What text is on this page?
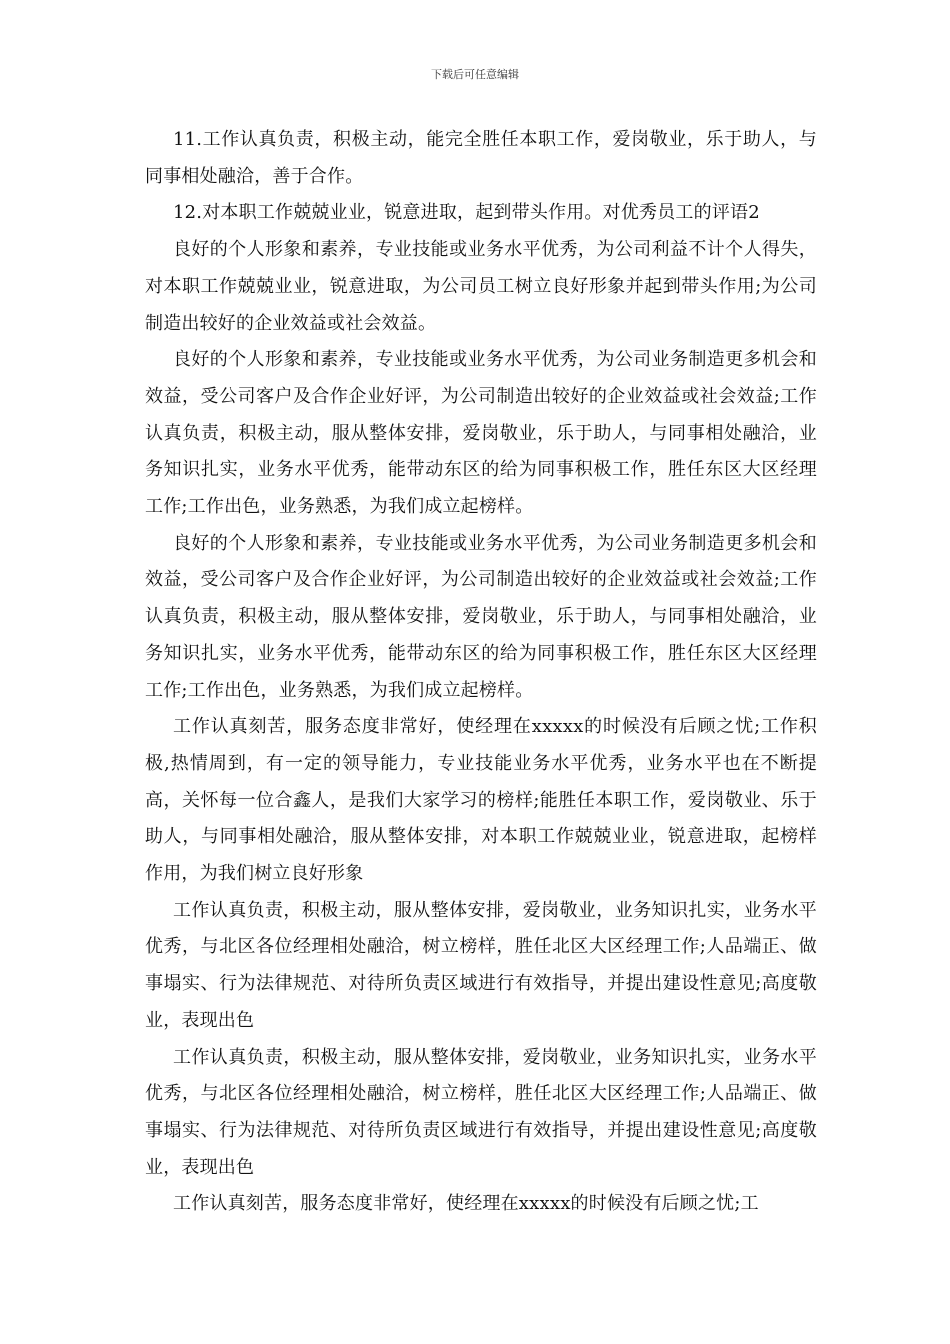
下载后可任意编辑

11.工作认真负责，积极主动，能完全胜任本职工作，爱岗敬业，乐于助人，与同事相处融洽，善于合作。

12.对本职工作兢兢业业，锐意进取，起到带头作用。对优秀员工的评语2

良好的个人形象和素养，专业技能或业务水平优秀，为公司利益不计个人得失，对本职工作兢兢业业，锐意进取，为公司员工树立良好形象并起到带头作用;为公司制造出较好的企业效益或社会效益。

良好的个人形象和素养，专业技能或业务水平优秀，为公司业务制造更多机会和效益，受公司客户及合作企业好评，为公司制造出较好的企业效益或社会效益;工作认真负责，积极主动，服从整体安排，爱岗敬业，乐于助人，与同事相处融洽，业务知识扎实，业务水平优秀，能带动东区的给为同事积极工作，胜任东区大区经理工作;工作出色，业务熟悉，为我们成立起榜样。

良好的个人形象和素养，专业技能或业务水平优秀，为公司业务制造更多机会和效益，受公司客户及合作企业好评，为公司制造出较好的企业效益或社会效益;工作认真负责，积极主动，服从整体安排，爱岗敬业，乐于助人，与同事相处融洽，业务知识扎实，业务水平优秀，能带动东区的给为同事积极工作，胜任东区大区经理工作;工作出色，业务熟悉，为我们成立起榜样。

工作认真刻苦，服务态度非常好，使经理在xxxxx的时候没有后顾之忧;工作积极,热情周到，有一定的领导能力，专业技能业务水平优秀，业务水平也在不断提高，关怀每一位合鑫人，是我们大家学习的榜样;能胜任本职工作，爱岗敬业、乐于助人，与同事相处融洽，服从整体安排，对本职工作兢兢业业，锐意进取，起榜样作用，为我们树立良好形象

工作认真负责，积极主动，服从整体安排，爱岗敬业，业务知识扎实，业务水平优秀，与北区各位经理相处融洽，树立榜样，胜任北区大区经理工作;人品端正、做事塌实、行为法律规范、对待所负责区域进行有效指导，并提出建设性意见;高度敬业，表现出色

工作认真负责，积极主动，服从整体安排，爱岗敬业，业务知识扎实，业务水平优秀，与北区各位经理相处融洽，树立榜样，胜任北区大区经理工作;人品端正、做事塌实、行为法律规范、对待所负责区域进行有效指导，并提出建设性意见;高度敬业，表现出色

工作认真刻苦，服务态度非常好，使经理在xxxxx的时候没有后顾之忧;工
